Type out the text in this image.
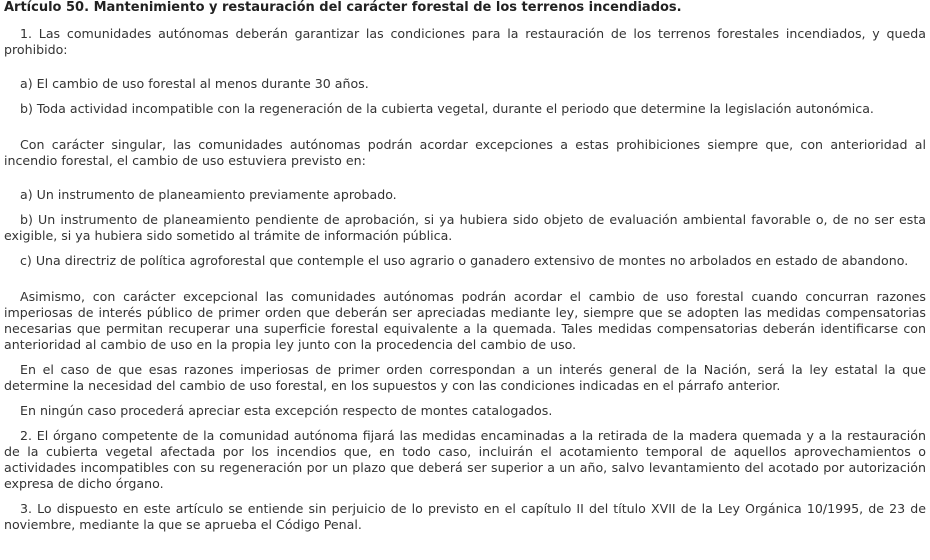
Artículo 50. Mantenimiento y restauración del carácter forestal de los terrenos incendiados.

1. Las comunidades autónomas deberán garantizar las condiciones para la restauración de los terrenos forestales incendiados, y queda prohibido:

a) El cambio de uso forestal al menos durante 30 años.

b) Toda actividad incompatible con la regeneración de la cubierta vegetal, durante el periodo que determine la legislación autonómica.

Con carácter singular, las comunidades autónomas podrán acordar excepciones a estas prohibiciones siempre que, con anterioridad al incendio forestal, el cambio de uso estuviera previsto en:

a) Un instrumento de planeamiento previamente aprobado.

b) Un instrumento de planeamiento pendiente de aprobación, si ya hubiera sido objeto de evaluación ambiental favorable o, de no ser esta exigible, si ya hubiera sido sometido al trámite de información pública.

c) Una directriz de política agroforestal que contemple el uso agrario o ganadero extensivo de montes no arbolados en estado de abandono.

Asimismo, con carácter excepcional las comunidades autónomas podrán acordar el cambio de uso forestal cuando concurran razones imperiosas de interés público de primer orden que deberán ser apreciadas mediante ley, siempre que se adopten las medidas compensatorias necesarias que permitan recuperar una superficie forestal equivalente a la quemada. Tales medidas compensatorias deberán identificarse con anterioridad al cambio de uso en la propia ley junto con la procedencia del cambio de uso.

En el caso de que esas razones imperiosas de primer orden correspondan a un interés general de la Nación, será la ley estatal la que determine la necesidad del cambio de uso forestal, en los supuestos y con las condiciones indicadas en el párrafo anterior.

En ningún caso procederá apreciar esta excepción respecto de montes catalogados.

2. El órgano competente de la comunidad autónoma fijará las medidas encaminadas a la retirada de la madera quemada y a la restauración de la cubierta vegetal afectada por los incendios que, en todo caso, incluirán el acotamiento temporal de aquellos aprovechamientos o actividades incompatibles con su regeneración por un plazo que deberá ser superior a un año, salvo levantamiento del acotado por autorización expresa de dicho órgano.

3. Lo dispuesto en este artículo se entiende sin perjuicio de lo previsto en el capítulo II del título XVII de la Ley Orgánica 10/1995, de 23 de noviembre, mediante la que se aprueba el Código Penal.
